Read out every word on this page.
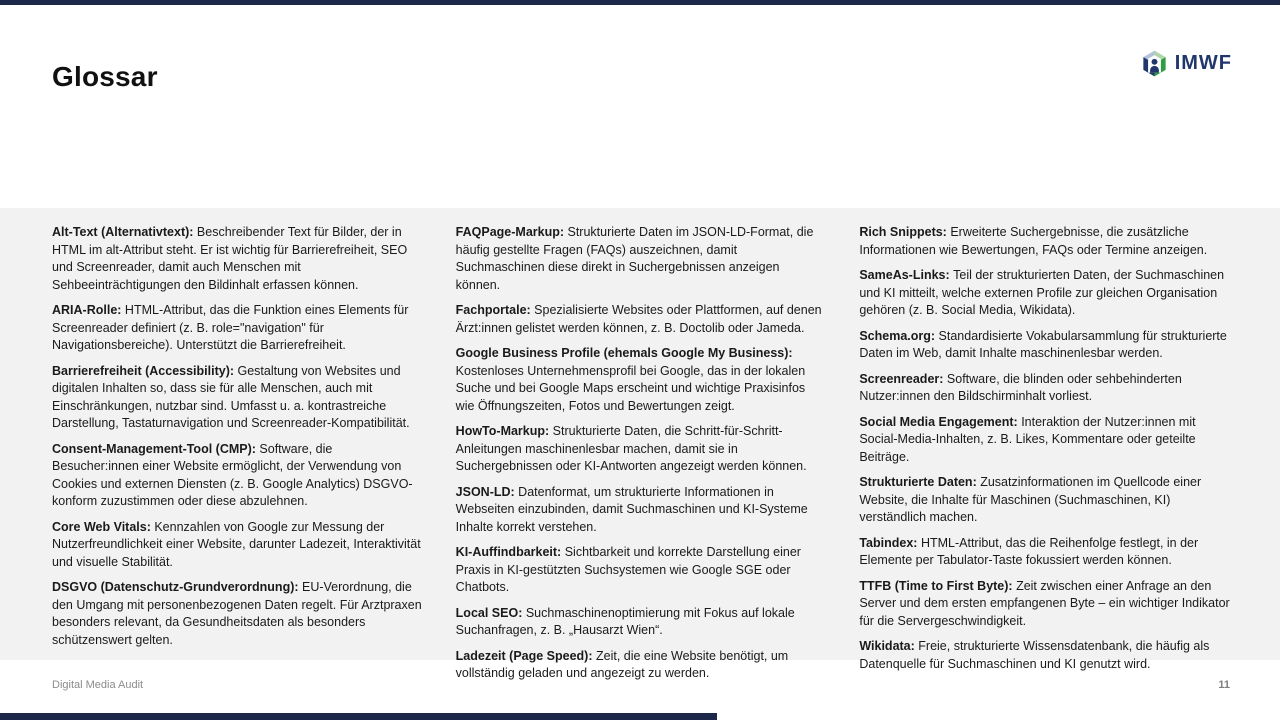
Glossar	IMWF

Alt-Text (Alternativtext): Beschreibender Text für Bilder, der in HTML im alt-Attribut steht. Er ist wichtig für Barrierefreiheit, SEO und Screenreader, damit auch Menschen mit Sehbeeinträchtigungen den Bildinhalt erfassen können.

ARIA-Rolle: HTML-Attribut, das die Funktion eines Elements für Screenreader definiert (z. B. role="navigation" für Navigationsbereiche). Unterstützt die Barrierefreiheit.

Barrierefreiheit (Accessibility): Gestaltung von Websites und digitalen Inhalten so, dass sie für alle Menschen, auch mit Einschränkungen, nutzbar sind. Umfasst u. a. kontrastreiche Darstellung, Tastaturnavigation und Screenreader-Kompatibilität.

Consent-Management-Tool (CMP): Software, die Besucher:innen einer Website ermöglicht, der Verwendung von Cookies und externen Diensten (z. B. Google Analytics) DSGVO-konform zuzustimmen oder diese abzulehnen.

Core Web Vitals: Kennzahlen von Google zur Messung der Nutzerfreundlichkeit einer Website, darunter Ladezeit, Interaktivität und visuelle Stabilität.

DSGVO (Datenschutz-Grundverordnung): EU-Verordnung, die den Umgang mit personenbezogenen Daten regelt. Für Arztpraxen besonders relevant, da Gesundheitsdaten als besonders schützenswert gelten.

FAQPage-Markup: Strukturierte Daten im JSON-LD-Format, die häufig gestellte Fragen (FAQs) auszeichnen, damit Suchmaschinen diese direkt in Suchergebnissen anzeigen können.

Fachportale: Spezialisierte Websites oder Plattformen, auf denen Ärzt:innen gelistet werden können, z. B. Doctolib oder Jameda.

Google Business Profile (ehemals Google My Business): Kostenloses Unternehmensprofil bei Google, das in der lokalen Suche und bei Google Maps erscheint und wichtige Praxisinfos wie Öffnungszeiten, Fotos und Bewertungen zeigt.

HowTo-Markup: Strukturierte Daten, die Schritt-für-Schritt-Anleitungen maschinenlesbar machen, damit sie in Suchergebnissen oder KI-Antworten angezeigt werden können.

JSON-LD: Datenformat, um strukturierte Informationen in Webseiten einzubinden, damit Suchmaschinen und KI-Systeme Inhalte korrekt verstehen.

KI-Auffindbarkeit: Sichtbarkeit und korrekte Darstellung einer Praxis in KI-gestützten Suchsystemen wie Google SGE oder Chatbots.

Local SEO: Suchmaschinenoptimierung mit Fokus auf lokale Suchanfragen, z. B. „Hausarzt Wien“.

Ladezeit (Page Speed): Zeit, die eine Website benötigt, um vollständig geladen und angezeigt zu werden.

Rich Snippets: Erweiterte Suchergebnisse, die zusätzliche Informationen wie Bewertungen, FAQs oder Termine anzeigen.

SameAs-Links: Teil der strukturierten Daten, der Suchmaschinen und KI mitteilt, welche externen Profile zur gleichen Organisation gehören (z. B. Social Media, Wikidata).

Schema.org: Standardisierte Vokabularsammlung für strukturierte Daten im Web, damit Inhalte maschinenlesbar werden.

Screenreader: Software, die blinden oder sehbehinderten Nutzer:innen den Bildschirminhalt vorliest.

Social Media Engagement: Interaktion der Nutzer:innen mit Social-Media-Inhalten, z. B. Likes, Kommentare oder geteilte Beiträge.

Strukturierte Daten: Zusatzinformationen im Quellcode einer Website, die Inhalte für Maschinen (Suchmaschinen, KI) verständlich machen.

Tabindex: HTML-Attribut, das die Reihenfolge festlegt, in der Elemente per Tabulator-Taste fokussiert werden können.

TTFB (Time to First Byte): Zeit zwischen einer Anfrage an den Server und dem ersten empfangenen Byte – ein wichtiger Indikator für die Servergeschwindigkeit.

Wikidata: Freie, strukturierte Wissensdatenbank, die häufig als Datenquelle für Suchmaschinen und KI genutzt wird.

Digital Media Audit	11
